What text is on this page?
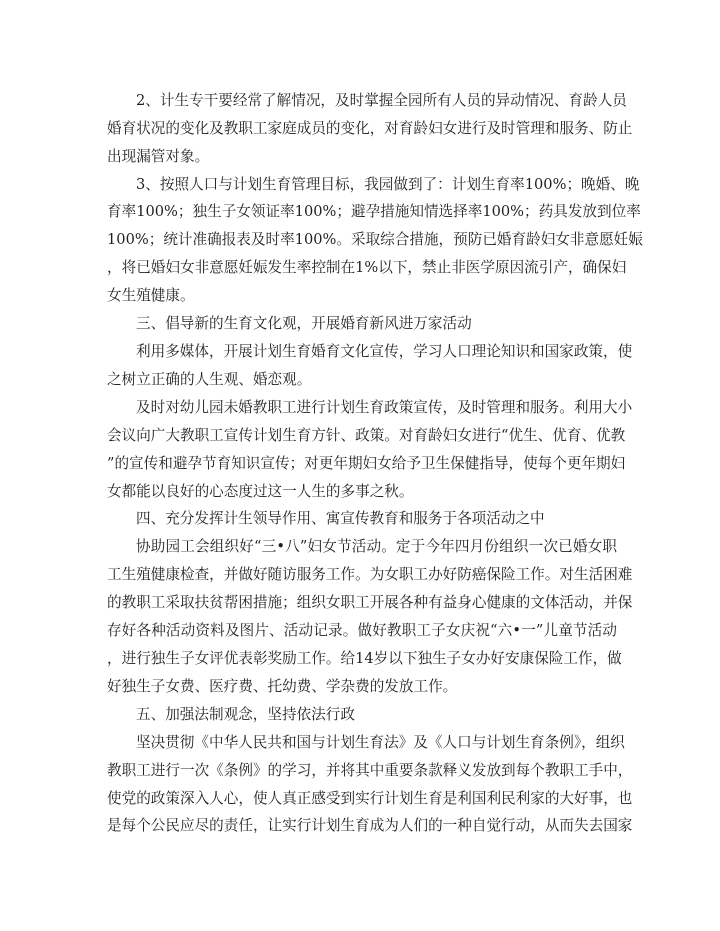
2、计生专干要经常了解情况，及时掌握全园所有人员的异动情况、育龄人员
婚育状况的变化及教职工家庭成员的变化，对育龄妇女进行及时管理和服务、防止
出现漏管对象。
3、按照人口与计划生育管理目标，我园做到了：计划生育率100%；晚婚、晚
育率100%；独生子女领证率100%；避孕措施知情选择率100%；药具发放到位率
100%；统计准确报表及时率100%。采取综合措施，预防已婚育龄妇女非意愿妊娠
，将已婚妇女非意愿妊娠发生率控制在1%以下，禁止非医学原因流引产，确保妇
女生殖健康。
三、倡导新的生育文化观，开展婚育新风进万家活动
利用多媒体，开展计划生育婚育文化宣传，学习人口理论知识和国家政策，使
之树立正确的人生观、婚恋观。
及时对幼儿园未婚教职工进行计划生育政策宣传，及时管理和服务。利用大小
会议向广大教职工宣传计划生育方针、政策。对育龄妇女进行“优生、优育、优教
”的宣传和避孕节育知识宣传；对更年期妇女给予卫生保健指导，使每个更年期妇
女都能以良好的心态度过这一人生的多事之秋。
四、充分发挥计生领导作用、寓宣传教育和服务于各项活动之中
协助园工会组织好“三•八”妇女节活动。定于今年四月份组织一次已婚女职
工生殖健康检查，并做好随访服务工作。为女职工办好防癌保险工作。对生活困难
的教职工采取扶贫帮困措施；组织女职工开展各种有益身心健康的文体活动，并保
存好各种活动资料及图片、活动记录。做好教职工子女庆祝“六•一”儿童节活动
，进行独生子女评优表彰奖励工作。给14岁以下独生子女办好安康保险工作，做
好独生子女费、医疗费、托幼费、学杂费的发放工作。
五、加强法制观念，坚持依法行政
坚决贯彻《中华人民共和国与计划生育法》及《人口与计划生育条例》，组织
教职工进行一次《条例》的学习，并将其中重要条款释义发放到每个教职工手中，
使党的政策深入人心，使人真正感受到实行计划生育是利国利民利家的大好事，也
是每个公民应尽的责任，让实行计划生育成为人们的一种自觉行动，从而失去国家
